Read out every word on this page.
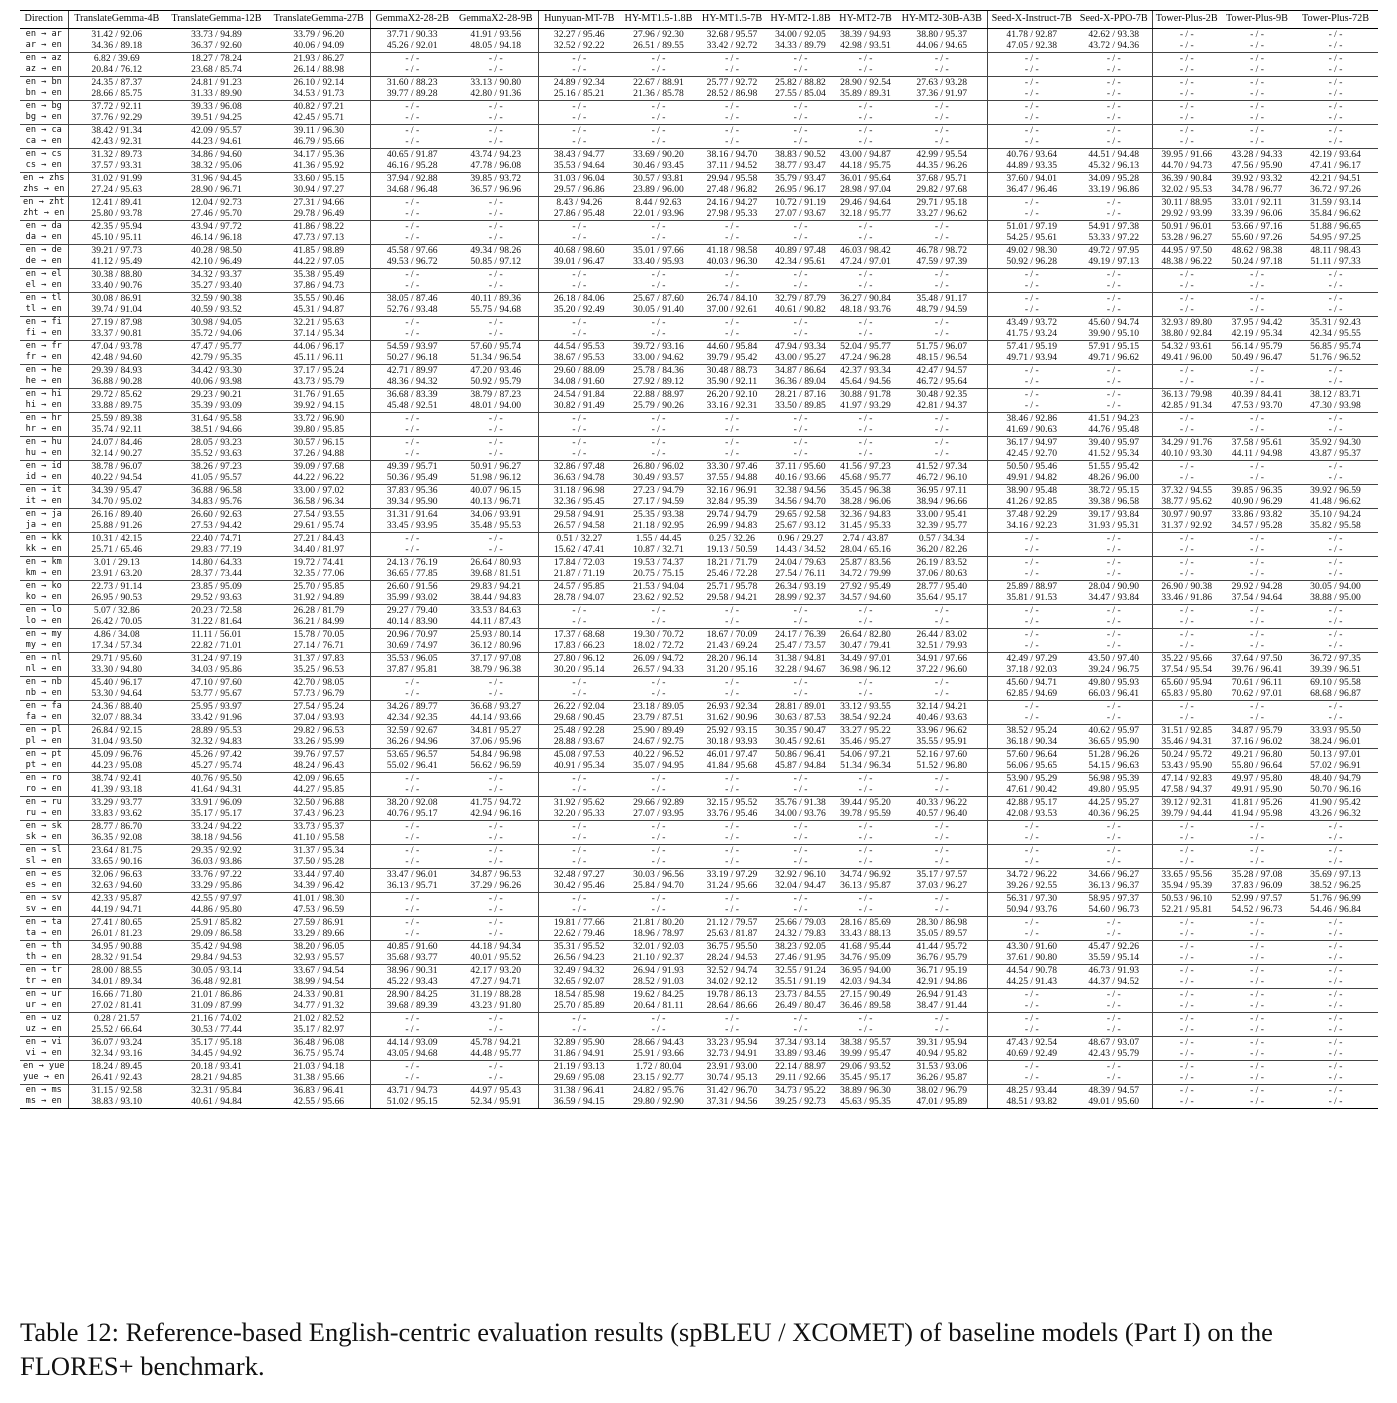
Direction	TranslateGemma-4B	TranslateGemma-12B	TranslateGemma-27B	GemmaX2-28-2B	GemmaX2-28-9B	Hunyuan-MT-7B	HY-MT1.5-1.8B	HY-MT1.5-7B	HY-MT2-1.8B	HY-MT2-7B	HY-MT2-30B-A3B	Seed-X-Instruct-7B	Seed-X-PPO-7B	Tower-Plus-2B	Tower-Plus-9B	Tower-Plus-72B
en → ar	31.42 / 92.06	33.73 / 94.89	33.79 / 96.20	37.71 / 90.33	41.91 / 93.56	32.27 / 95.46	27.96 / 92.30	32.68 / 95.57	34.00 / 92.05	38.39 / 94.93	38.80 / 95.37	41.78 / 92.87	42.62 / 93.38	- / -	- / -	- / -
ar → en	34.36 / 89.18	36.37 / 92.60	40.06 / 94.09	45.26 / 92.01	48.05 / 94.18	32.52 / 92.22	26.51 / 89.55	33.42 / 92.72	34.33 / 89.79	42.98 / 93.51	44.06 / 94.65	47.05 / 92.38	43.72 / 94.36	- / -	- / -	- / -
en → az	6.82 / 39.69	18.27 / 78.24	21.93 / 86.27	- / -	- / -	- / -	- / -	- / -	- / -	- / -	- / -	- / -	- / -	- / -	- / -	- / -
az → en	20.84 / 76.12	23.68 / 85.74	26.14 / 88.98	- / -	- / -	- / -	- / -	- / -	- / -	- / -	- / -	- / -	- / -	- / -	- / -	- / -
en → bn	24.35 / 87.37	24.81 / 91.23	26.10 / 92.14	31.60 / 88.23	33.13 / 90.80	24.89 / 92.34	22.67 / 88.91	25.77 / 92.72	25.82 / 88.82	28.90 / 92.54	27.63 / 93.28	- / -	- / -	- / -	- / -	- / -
bn → en	28.66 / 85.75	31.33 / 89.90	34.53 / 91.73	39.77 / 89.28	42.80 / 91.36	25.16 / 85.21	21.36 / 85.78	28.52 / 86.98	27.55 / 85.04	35.89 / 89.31	37.36 / 91.97	- / -	- / -	- / -	- / -	- / -
en → bg	37.72 / 92.11	39.33 / 96.08	40.82 / 97.21	- / -	- / -	- / -	- / -	- / -	- / -	- / -	- / -	- / -	- / -	- / -	- / -	- / -
bg → en	37.76 / 92.29	39.51 / 94.25	42.45 / 95.71	- / -	- / -	- / -	- / -	- / -	- / -	- / -	- / -	- / -	- / -	- / -	- / -	- / -
en → ca	38.42 / 91.34	42.09 / 95.57	39.11 / 96.30	- / -	- / -	- / -	- / -	- / -	- / -	- / -	- / -	- / -	- / -	- / -	- / -	- / -
ca → en	42.43 / 92.31	44.23 / 94.61	46.79 / 95.66	- / -	- / -	- / -	- / -	- / -	- / -	- / -	- / -	- / -	- / -	- / -	- / -	- / -
en → cs	31.32 / 89.73	34.86 / 94.60	34.17 / 95.36	40.65 / 91.87	43.74 / 94.23	38.43 / 94.77	33.69 / 90.20	38.16 / 94.70	38.83 / 90.52	43.00 / 94.87	42.99 / 95.54	40.76 / 93.64	44.51 / 94.48	39.95 / 91.66	43.28 / 94.33	42.19 / 93.64
cs → en	37.57 / 93.31	38.32 / 95.06	41.36 / 95.92	46.16 / 95.28	47.78 / 96.08	35.53 / 94.64	30.46 / 93.45	37.11 / 94.52	38.77 / 93.47	44.18 / 95.75	44.35 / 96.26	44.89 / 93.35	45.32 / 96.13	44.70 / 94.73	47.56 / 95.90	47.41 / 96.17
en → zhs	31.02 / 91.99	31.96 / 94.45	33.60 / 95.15	37.94 / 92.88	39.85 / 93.72	31.03 / 96.04	30.57 / 93.81	29.94 / 95.58	35.79 / 93.47	36.01 / 95.64	37.68 / 95.71	37.60 / 94.01	34.09 / 95.28	36.39 / 90.84	39.92 / 93.32	42.21 / 94.51
zhs → en	27.24 / 95.63	28.90 / 96.71	30.94 / 97.27	34.68 / 96.48	36.57 / 96.96	29.57 / 96.86	23.89 / 96.00	27.48 / 96.82	26.95 / 96.17	28.98 / 97.04	29.82 / 97.68	36.47 / 96.46	33.19 / 96.86	32.02 / 95.53	34.78 / 96.77	36.72 / 97.26
en → zht	12.41 / 89.41	12.04 / 92.73	27.31 / 94.66	- / -	- / -	8.43 / 94.26	8.44 / 92.63	24.16 / 94.27	10.72 / 91.19	29.46 / 94.64	29.71 / 95.18	- / -	- / -	30.11 / 88.95	33.01 / 92.11	31.59 / 93.14
zht → en	25.80 / 93.78	27.46 / 95.70	29.78 / 96.49	- / -	- / -	27.86 / 95.48	22.01 / 93.96	27.98 / 95.33	27.07 / 93.67	32.18 / 95.77	33.27 / 96.62	- / -	- / -	29.92 / 93.99	33.39 / 96.06	35.84 / 96.62
en → da	42.35 / 95.94	43.94 / 97.72	41.86 / 98.22	- / -	- / -	- / -	- / -	- / -	- / -	- / -	- / -	51.01 / 97.19	54.91 / 97.38	50.91 / 96.01	53.66 / 97.16	51.88 / 96.65
da → en	45.10 / 95.11	46.14 / 96.18	47.73 / 97.13	- / -	- / -	- / -	- / -	- / -	- / -	- / -	- / -	54.25 / 95.61	53.33 / 97.22	53.28 / 96.27	55.60 / 97.26	54.95 / 97.25
en → de	39.21 / 97.73	40.28 / 98.50	41.85 / 98.89	45.58 / 97.66	49.34 / 98.26	40.68 / 98.60	35.01 / 97.66	41.18 / 98.58	40.89 / 97.48	46.03 / 98.42	46.78 / 98.72	49.02 / 98.30	49.72 / 97.95	44.95 / 97.50	48.62 / 98.38	48.11 / 98.43
de → en	41.12 / 95.49	42.10 / 96.49	44.22 / 97.05	49.53 / 96.72	50.85 / 97.12	39.01 / 96.47	33.40 / 95.93	40.03 / 96.30	42.34 / 95.61	47.24 / 97.01	47.59 / 97.39	50.92 / 96.28	49.19 / 97.13	48.38 / 96.22	50.24 / 97.18	51.11 / 97.33
en → el	30.38 / 88.80	34.32 / 93.37	35.38 / 95.49	- / -	- / -	- / -	- / -	- / -	- / -	- / -	- / -	- / -	- / -	- / -	- / -	- / -
el → en	33.40 / 90.76	35.27 / 93.40	37.86 / 94.73	- / -	- / -	- / -	- / -	- / -	- / -	- / -	- / -	- / -	- / -	- / -	- / -	- / -
en → tl	30.08 / 86.91	32.59 / 90.38	35.55 / 90.46	38.05 / 87.46	40.11 / 89.36	26.18 / 84.06	25.67 / 87.60	26.74 / 84.10	32.79 / 87.79	36.27 / 90.84	35.48 / 91.17	- / -	- / -	- / -	- / -	- / -
tl → en	39.74 / 91.04	40.59 / 93.52	45.31 / 94.87	52.76 / 93.48	55.75 / 94.68	35.20 / 92.49	30.05 / 91.40	37.00 / 92.61	40.61 / 90.82	48.18 / 93.76	48.79 / 94.59	- / -	- / -	- / -	- / -	- / -
en → fi	27.19 / 87.98	30.98 / 94.05	32.21 / 95.63	- / -	- / -	- / -	- / -	- / -	- / -	- / -	- / -	43.49 / 93.72	45.60 / 94.74	32.93 / 89.80	37.95 / 94.42	35.31 / 92.43
fi → en	33.37 / 90.81	35.72 / 94.06	37.14 / 95.34	- / -	- / -	- / -	- / -	- / -	- / -	- / -	- / -	41.75 / 93.24	39.90 / 95.10	38.80 / 92.84	42.19 / 95.34	42.34 / 95.55
en → fr	47.04 / 93.78	47.47 / 95.77	44.06 / 96.17	54.59 / 93.97	57.60 / 95.74	44.54 / 95.53	39.72 / 93.16	44.60 / 95.84	47.94 / 93.34	52.04 / 95.77	51.75 / 96.07	57.41 / 95.19	57.91 / 95.15	54.32 / 93.61	56.14 / 95.79	56.85 / 95.74
fr → en	42.48 / 94.60	42.79 / 95.35	45.11 / 96.11	50.27 / 96.18	51.34 / 96.54	38.67 / 95.53	33.00 / 94.62	39.79 / 95.42	43.00 / 95.27	47.24 / 96.28	48.15 / 96.54	49.71 / 93.94	49.71 / 96.62	49.41 / 96.00	50.49 / 96.47	51.76 / 96.52
en → he	29.39 / 84.93	34.42 / 93.30	37.17 / 95.24	42.71 / 89.97	47.20 / 93.46	29.60 / 88.09	25.78 / 84.36	30.48 / 88.73	34.87 / 86.64	42.37 / 93.34	42.47 / 94.57	- / -	- / -	- / -	- / -	- / -
he → en	36.88 / 90.28	40.06 / 93.98	43.73 / 95.79	48.36 / 94.32	50.92 / 95.79	34.08 / 91.60	27.92 / 89.12	35.90 / 92.11	36.36 / 89.04	45.64 / 94.56	46.72 / 95.64	- / -	- / -	- / -	- / -	- / -
en → hi	29.72 / 85.62	29.23 / 90.21	31.76 / 91.65	36.68 / 83.39	38.79 / 87.23	24.54 / 91.84	22.88 / 88.97	26.20 / 92.10	28.21 / 87.16	30.88 / 91.78	30.48 / 92.35	- / -	- / -	36.13 / 79.98	40.39 / 84.41	38.12 / 83.71
hi → en	33.88 / 89.75	35.39 / 93.09	39.92 / 94.15	45.48 / 92.51	48.01 / 94.00	30.82 / 91.49	25.79 / 90.26	33.16 / 92.31	33.50 / 89.85	41.97 / 93.29	42.81 / 94.37	- / -	- / -	42.85 / 91.34	47.53 / 93.70	47.30 / 93.98
en → hr	25.59 / 89.38	31.64 / 95.58	33.72 / 96.90	- / -	- / -	- / -	- / -	- / -	- / -	- / -	- / -	38.46 / 92.86	41.51 / 94.23	- / -	- / -	- / -
hr → en	35.74 / 92.11	38.51 / 94.66	39.80 / 95.85	- / -	- / -	- / -	- / -	- / -	- / -	- / -	- / -	41.69 / 90.63	44.76 / 95.48	- / -	- / -	- / -
en → hu	24.07 / 84.46	28.05 / 93.23	30.57 / 96.15	- / -	- / -	- / -	- / -	- / -	- / -	- / -	- / -	36.17 / 94.97	39.40 / 95.97	34.29 / 91.76	37.58 / 95.61	35.92 / 94.30
hu → en	32.14 / 90.27	35.52 / 93.63	37.26 / 94.88	- / -	- / -	- / -	- / -	- / -	- / -	- / -	- / -	42.45 / 92.70	41.52 / 95.34	40.10 / 93.30	44.11 / 94.98	43.87 / 95.37
en → id	38.78 / 96.07	38.26 / 97.23	39.09 / 97.68	49.39 / 95.71	50.91 / 96.27	32.86 / 97.48	26.80 / 96.02	33.30 / 97.46	37.11 / 95.60	41.56 / 97.23	41.52 / 97.34	50.50 / 95.46	51.55 / 95.42	- / -	- / -	- / -
id → en	40.22 / 94.54	41.05 / 95.57	44.22 / 96.22	50.36 / 95.49	51.98 / 96.12	36.63 / 94.78	30.49 / 93.57	37.55 / 94.88	40.16 / 93.66	45.68 / 95.77	46.72 / 96.10	49.91 / 94.82	48.26 / 96.00	- / -	- / -	- / -
en → it	34.39 / 95.47	36.88 / 96.58	33.00 / 97.02	37.83 / 95.36	40.07 / 96.15	31.18 / 96.98	27.23 / 94.79	32.16 / 96.91	32.38 / 94.56	35.45 / 96.38	36.95 / 97.11	38.90 / 95.48	38.72 / 95.15	37.32 / 94.55	39.85 / 96.35	39.92 / 96.59
it → en	34.70 / 95.02	34.83 / 95.76	36.58 / 96.34	39.34 / 95.90	40.13 / 96.71	32.36 / 95.45	27.17 / 94.59	32.84 / 95.39	34.56 / 94.70	38.28 / 96.06	38.94 / 96.66	41.26 / 92.85	39.38 / 96.58	38.77 / 95.62	40.90 / 96.29	41.48 / 96.62
en → ja	26.16 / 89.40	26.60 / 92.63	27.54 / 93.55	31.31 / 91.64	34.06 / 93.91	29.58 / 94.91	25.35 / 93.38	29.74 / 94.79	29.65 / 92.58	32.36 / 94.83	33.00 / 95.41	37.48 / 92.29	39.17 / 93.84	30.97 / 90.97	33.86 / 93.82	35.10 / 94.24
ja → en	25.88 / 91.26	27.53 / 94.42	29.61 / 95.74	33.45 / 93.95	35.48 / 95.53	26.57 / 94.58	21.18 / 92.95	26.99 / 94.83	25.67 / 93.12	31.45 / 95.33	32.39 / 95.77	34.16 / 92.23	31.93 / 95.31	31.37 / 92.92	34.57 / 95.28	35.82 / 95.58
en → kk	10.31 / 42.15	22.40 / 74.71	27.21 / 84.43	- / -	- / -	0.51 / 32.27	1.55 / 44.45	0.25 / 32.26	0.96 / 29.27	2.74 / 43.87	0.57 / 34.34	- / -	- / -	- / -	- / -	- / -
kk → en	25.71 / 65.46	29.83 / 77.19	34.40 / 81.97	- / -	- / -	15.62 / 47.41	10.87 / 32.71	19.13 / 50.59	14.43 / 34.52	28.04 / 65.16	36.20 / 82.26	- / -	- / -	- / -	- / -	- / -
en → km	3.01 / 29.13	14.80 / 64.33	19.72 / 74.41	24.13 / 76.19	26.64 / 80.93	17.84 / 72.03	19.53 / 74.37	18.21 / 71.79	24.04 / 79.63	25.87 / 83.56	26.19 / 83.52	- / -	- / -	- / -	- / -	- / -
km → en	23.91 / 63.20	28.37 / 73.44	32.35 / 77.06	36.65 / 77.85	39.68 / 81.51	21.87 / 71.19	20.75 / 75.15	25.46 / 72.28	27.54 / 76.11	34.72 / 79.99	37.06 / 80.63	- / -	- / -	- / -	- / -	- / -
en → ko	22.73 / 91.14	23.85 / 95.09	25.70 / 95.85	26.60 / 91.56	29.83 / 94.21	24.57 / 95.85	21.53 / 94.04	25.71 / 95.78	26.34 / 93.19	27.92 / 95.49	28.77 / 95.40	25.89 / 88.97	28.04 / 90.90	26.90 / 90.38	29.92 / 94.28	30.05 / 94.00
ko → en	26.95 / 90.53	29.52 / 93.63	31.92 / 94.89	35.99 / 93.02	38.44 / 94.83	28.78 / 94.07	23.62 / 92.52	29.58 / 94.21	28.99 / 92.37	34.57 / 94.60	35.64 / 95.17	35.81 / 91.53	34.47 / 93.84	33.46 / 91.86	37.54 / 94.64	38.88 / 95.00
en → lo	5.07 / 32.86	20.23 / 72.58	26.28 / 81.79	29.27 / 79.40	33.53 / 84.63	- / -	- / -	- / -	- / -	- / -	- / -	- / -	- / -	- / -	- / -	- / -
lo → en	26.42 / 70.05	31.22 / 81.64	36.21 / 84.99	40.14 / 83.90	44.11 / 87.43	- / -	- / -	- / -	- / -	- / -	- / -	- / -	- / -	- / -	- / -	- / -
en → my	4.86 / 34.08	11.11 / 56.01	15.78 / 70.05	20.96 / 70.97	25.93 / 80.14	17.37 / 68.68	19.30 / 70.72	18.67 / 70.09	24.17 / 76.39	26.64 / 82.80	26.44 / 83.02	- / -	- / -	- / -	- / -	- / -
my → en	17.34 / 57.34	22.82 / 71.01	27.14 / 76.71	30.69 / 74.97	36.12 / 80.96	17.83 / 66.23	18.02 / 72.72	21.43 / 69.24	25.47 / 73.57	30.47 / 79.41	32.51 / 79.93	- / -	- / -	- / -	- / -	- / -
en → nl	29.71 / 95.60	31.24 / 97.19	31.37 / 97.83	35.53 / 96.05	37.17 / 97.08	27.80 / 96.12	26.09 / 94.72	28.20 / 96.14	31.38 / 94.81	34.49 / 97.01	34.91 / 97.66	42.49 / 97.29	43.50 / 97.40	35.22 / 95.66	37.64 / 97.50	36.72 / 97.35
nl → en	33.30 / 94.80	34.03 / 95.86	35.25 / 96.53	37.87 / 95.81	38.79 / 96.38	30.20 / 95.14	26.57 / 94.33	31.20 / 95.16	32.28 / 94.67	36.98 / 96.12	37.22 / 96.60	37.18 / 92.03	39.24 / 96.75	37.54 / 95.54	39.76 / 96.41	39.39 / 96.51
en → nb	45.40 / 96.17	47.10 / 97.60	42.70 / 98.05	- / -	- / -	- / -	- / -	- / -	- / -	- / -	- / -	45.60 / 94.71	49.80 / 95.93	65.60 / 95.94	70.61 / 96.11	69.10 / 95.58
nb → en	53.30 / 94.64	53.77 / 95.67	57.73 / 96.79	- / -	- / -	- / -	- / -	- / -	- / -	- / -	- / -	62.85 / 94.69	66.03 / 96.41	65.83 / 95.80	70.62 / 97.01	68.68 / 96.87
en → fa	24.36 / 88.40	25.95 / 93.97	27.54 / 95.24	34.26 / 89.77	36.68 / 93.27	26.22 / 92.04	23.18 / 89.05	26.93 / 92.34	28.81 / 89.01	33.12 / 93.55	32.14 / 94.21	- / -	- / -	- / -	- / -	- / -
fa → en	32.07 / 88.34	33.42 / 91.96	37.04 / 93.93	42.34 / 92.35	44.14 / 93.66	29.68 / 90.45	23.79 / 87.51	31.62 / 90.96	30.63 / 87.53	38.54 / 92.24	40.46 / 93.63	- / -	- / -	- / -	- / -	- / -
en → pl	26.84 / 92.15	28.89 / 95.53	29.82 / 96.53	32.59 / 92.67	34.81 / 95.27	25.48 / 92.28	25.90 / 89.49	25.92 / 93.15	30.35 / 90.47	33.27 / 95.22	33.96 / 96.62	38.52 / 95.24	40.62 / 95.97	31.51 / 92.85	34.87 / 95.79	33.93 / 95.50
pl → en	31.04 / 93.50	32.32 / 94.83	33.26 / 95.99	36.26 / 94.96	37.06 / 95.96	28.88 / 93.67	24.67 / 92.75	30.18 / 93.93	30.45 / 92.61	35.46 / 95.27	35.55 / 95.91	36.18 / 90.34	36.65 / 95.90	35.46 / 94.31	37.16 / 96.02	38.24 / 96.01
en → pt	45.09 / 96.76	45.26 / 97.42	39.76 / 97.57	53.65 / 96.57	54.84 / 96.98	45.08 / 97.53	40.22 / 96.52	46.01 / 97.47	50.86 / 96.41	54.06 / 97.21	52.16 / 97.60	57.60 / 96.64	51.28 / 96.26	50.24 / 95.72	49.21 / 96.80	50.13 / 97.01
pt → en	44.23 / 95.08	45.27 / 95.74	48.24 / 96.43	55.02 / 96.41	56.62 / 96.59	40.91 / 95.34	35.07 / 94.95	41.84 / 95.68	45.87 / 94.84	51.34 / 96.34	51.52 / 96.80	56.06 / 95.65	54.15 / 96.63	53.43 / 95.90	55.80 / 96.64	57.02 / 96.91
en → ro	38.74 / 92.41	40.76 / 95.50	42.09 / 96.65	- / -	- / -	- / -	- / -	- / -	- / -	- / -	- / -	53.90 / 95.29	56.98 / 95.39	47.14 / 92.83	49.97 / 95.80	48.40 / 94.79
ro → en	41.39 / 93.18	41.64 / 94.31	44.27 / 95.85	- / -	- / -	- / -	- / -	- / -	- / -	- / -	- / -	47.61 / 90.42	49.80 / 95.95	47.58 / 94.37	49.91 / 95.90	50.70 / 96.16
en → ru	33.29 / 93.77	33.91 / 96.09	32.50 / 96.88	38.20 / 92.08	41.75 / 94.72	31.92 / 95.62	29.66 / 92.89	32.15 / 95.52	35.76 / 91.38	39.44 / 95.20	40.33 / 96.22	42.88 / 95.17	44.25 / 95.27	39.12 / 92.31	41.81 / 95.26	41.90 / 95.42
ru → en	33.83 / 93.62	35.17 / 95.17	37.43 / 96.23	40.76 / 95.17	42.94 / 96.16	32.20 / 95.33	27.07 / 93.95	33.76 / 95.46	34.00 / 93.76	39.78 / 95.59	40.57 / 96.40	42.08 / 93.53	40.36 / 96.25	39.79 / 94.44	41.94 / 95.98	43.26 / 96.32
en → sk	28.77 / 86.70	33.24 / 94.22	33.73 / 95.37	- / -	- / -	- / -	- / -	- / -	- / -	- / -	- / -	- / -	- / -	- / -	- / -	- / -
sk → en	36.35 / 92.08	38.18 / 94.56	41.10 / 95.58	- / -	- / -	- / -	- / -	- / -	- / -	- / -	- / -	- / -	- / -	- / -	- / -	- / -
en → sl	23.64 / 81.75	29.35 / 92.92	31.37 / 95.34	- / -	- / -	- / -	- / -	- / -	- / -	- / -	- / -	- / -	- / -	- / -	- / -	- / -
sl → en	33.65 / 90.16	36.03 / 93.86	37.50 / 95.28	- / -	- / -	- / -	- / -	- / -	- / -	- / -	- / -	- / -	- / -	- / -	- / -	- / -
en → es	32.06 / 96.63	33.76 / 97.22	33.44 / 97.40	33.47 / 96.01	34.87 / 96.53	32.48 / 97.27	30.03 / 96.56	33.19 / 97.29	32.92 / 96.10	34.74 / 96.92	35.17 / 97.57	34.72 / 96.22	34.66 / 96.27	33.65 / 95.56	35.28 / 97.08	35.69 / 97.13
es → en	32.63 / 94.60	33.29 / 95.86	34.39 / 96.42	36.13 / 95.71	37.29 / 96.26	30.42 / 95.46	25.84 / 94.70	31.24 / 95.66	32.04 / 94.47	36.13 / 95.87	37.03 / 96.27	39.26 / 92.55	36.13 / 96.37	35.94 / 95.39	37.83 / 96.09	38.52 / 96.25
en → sv	42.33 / 95.87	42.55 / 97.97	41.01 / 98.30	- / -	- / -	- / -	- / -	- / -	- / -	- / -	- / -	56.31 / 97.30	58.95 / 97.37	50.53 / 96.10	52.99 / 97.57	51.76 / 96.99
sv → en	44.19 / 94.71	44.86 / 95.80	47.53 / 96.59	- / -	- / -	- / -	- / -	- / -	- / -	- / -	- / -	50.94 / 93.76	54.60 / 96.73	52.21 / 95.81	54.52 / 96.73	54.46 / 96.84
en → ta	27.41 / 80.65	25.91 / 85.82	27.59 / 86.91	- / -	- / -	19.81 / 77.66	21.81 / 80.20	21.12 / 79.57	25.66 / 79.03	28.16 / 85.69	28.30 / 86.98	- / -	- / -	- / -	- / -	- / -
ta → en	26.01 / 81.23	29.09 / 86.58	33.29 / 89.66	- / -	- / -	22.62 / 79.46	18.96 / 78.97	25.63 / 81.87	24.32 / 79.83	33.43 / 88.13	35.05 / 89.57	- / -	- / -	- / -	- / -	- / -
en → th	34.95 / 90.88	35.42 / 94.98	38.20 / 96.05	40.85 / 91.60	44.18 / 94.34	35.31 / 95.52	32.01 / 92.03	36.75 / 95.50	38.23 / 92.05	41.68 / 95.44	41.44 / 95.72	43.30 / 91.60	45.47 / 92.26	- / -	- / -	- / -
th → en	28.32 / 91.54	29.84 / 94.53	32.93 / 95.57	35.68 / 93.77	40.01 / 95.52	26.56 / 94.23	21.10 / 92.37	28.24 / 94.53	27.46 / 91.95	34.76 / 95.09	36.76 / 95.79	37.61 / 90.80	35.59 / 95.14	- / -	- / -	- / -
en → tr	28.00 / 88.55	30.05 / 93.14	33.67 / 94.54	38.96 / 90.31	42.17 / 93.20	32.49 / 94.32	26.94 / 91.93	32.52 / 94.74	32.55 / 91.24	36.95 / 94.00	36.71 / 95.19	44.54 / 90.78	46.73 / 91.93	- / -	- / -	- / -
tr → en	34.01 / 89.34	36.48 / 92.81	38.99 / 94.54	45.22 / 93.43	47.27 / 94.71	32.65 / 92.07	28.52 / 91.03	34.02 / 92.12	35.51 / 91.19	42.03 / 94.34	42.91 / 94.86	44.25 / 91.43	44.37 / 94.52	- / -	- / -	- / -
en → ur	16.66 / 71.80	21.01 / 86.86	24.33 / 90.81	28.90 / 84.25	31.19 / 88.28	18.54 / 85.98	19.62 / 84.25	19.78 / 86.13	23.73 / 84.55	27.15 / 90.49	26.94 / 91.43	- / -	- / -	- / -	- / -	- / -
ur → en	27.02 / 81.41	31.09 / 87.99	34.77 / 91.32	39.68 / 89.39	43.23 / 91.80	25.70 / 85.89	20.64 / 81.11	28.64 / 86.66	26.49 / 80.47	36.46 / 89.58	38.47 / 91.44	- / -	- / -	- / -	- / -	- / -
en → uz	0.28 / 21.57	21.16 / 74.02	21.02 / 82.52	- / -	- / -	- / -	- / -	- / -	- / -	- / -	- / -	- / -	- / -	- / -	- / -	- / -
uz → en	25.52 / 66.64	30.53 / 77.44	35.17 / 82.97	- / -	- / -	- / -	- / -	- / -	- / -	- / -	- / -	- / -	- / -	- / -	- / -	- / -
en → vi	36.07 / 93.24	35.17 / 95.18	36.48 / 96.08	44.14 / 93.09	45.78 / 94.21	32.89 / 95.90	28.66 / 94.43	33.23 / 95.94	37.34 / 93.14	38.38 / 95.57	39.31 / 95.94	47.43 / 92.54	48.67 / 93.07	- / -	- / -	- / -
vi → en	32.34 / 93.16	34.45 / 94.92	36.75 / 95.74	43.05 / 94.68	44.48 / 95.77	31.86 / 94.91	25.91 / 93.66	32.73 / 94.91	33.89 / 93.46	39.99 / 95.47	40.94 / 95.82	40.69 / 92.49	42.43 / 95.79	- / -	- / -	- / -
en → yue	18.24 / 89.45	20.18 / 93.41	21.03 / 94.18	- / -	- / -	21.19 / 93.13	1.72 / 80.04	23.91 / 93.00	22.14 / 88.97	29.06 / 93.52	31.53 / 93.06	- / -	- / -	- / -	- / -	- / -
yue → en	26.41 / 92.43	28.21 / 94.85	31.38 / 95.66	- / -	- / -	29.69 / 95.08	23.15 / 92.77	30.74 / 95.13	29.11 / 92.66	35.45 / 95.17	36.26 / 95.87	- / -	- / -	- / -	- / -	- / -
en → ms	31.15 / 92.58	32.31 / 95.84	36.83 / 96.41	43.71 / 94.73	44.97 / 95.43	31.38 / 96.41	24.82 / 95.76	31.42 / 96.70	34.73 / 95.22	38.89 / 96.30	38.02 / 96.79	48.25 / 93.44	48.39 / 94.57	- / -	- / -	- / -
ms → en	38.83 / 93.10	40.61 / 94.84	42.55 / 95.66	51.02 / 95.15	52.34 / 95.91	36.59 / 94.15	29.80 / 92.90	37.31 / 94.56	39.25 / 92.73	45.63 / 95.35	47.01 / 95.89	48.51 / 93.82	49.01 / 95.60	- / -	- / -	- / -
Table 12: Reference-based English-centric evaluation results (spBLEU / XCOMET) of baseline models (Part I) on the FLORES+ benchmark.
